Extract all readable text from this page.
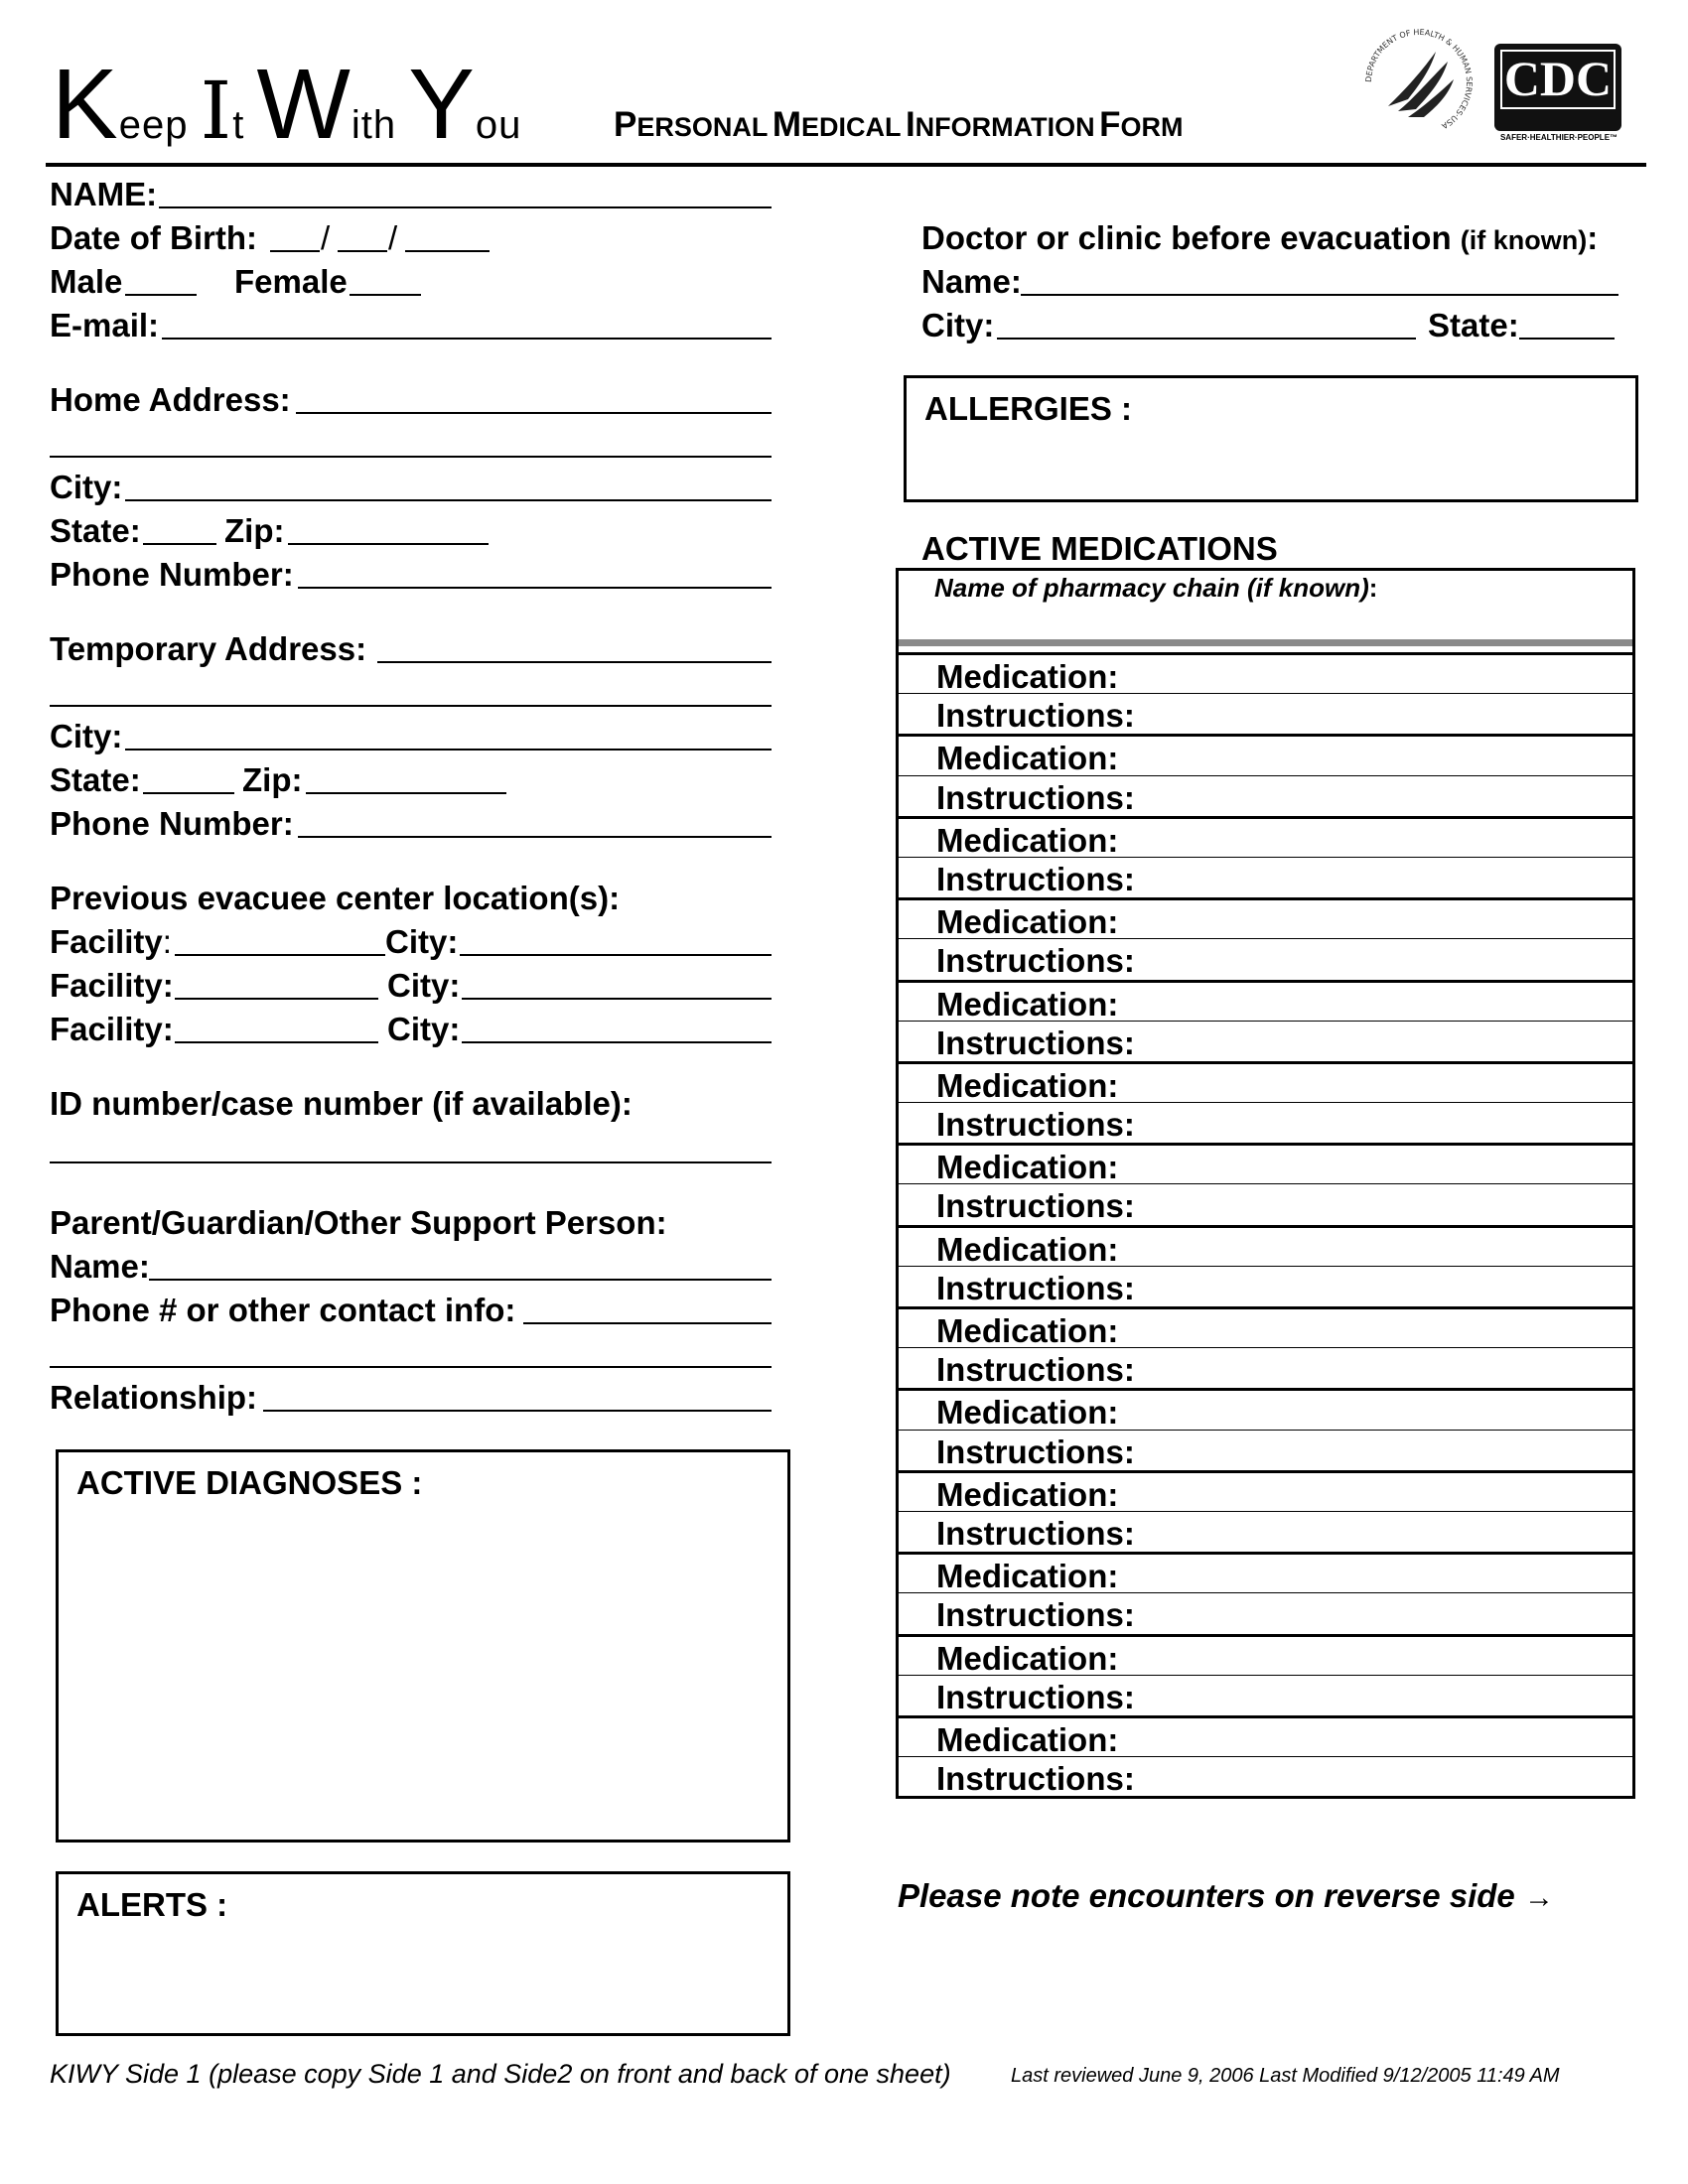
Keep It With You	PERSONAL MEDICAL INFORMATION FORM
DEPARTMENT OF HEALTH & HUMAN SERVICES·USA
CDC
SAFER·HEALTHIER·PEOPLE™
NAME:
Date of Birth: / /
Male	Female
E-mail:
Home Address:
City:
State:	Zip:
Phone Number:
Temporary Address:
City:
State:	Zip:
Phone Number:
Previous evacuee center location(s):
Facility:	City:
Facility:	City:
Facility:	City:
ID number/case number (if available):
Parent/Guardian/Other Support Person:
Name:
Phone # or other contact info:
Relationship:
ACTIVE DIAGNOSES :
ALERTS :
Doctor or clinic before evacuation (if known):
Name:
City:	State:
ALLERGIES :
ACTIVE MEDICATIONS
Name of pharmacy chain (if known):
Medication:
Instructions:
Medication:
Instructions:
Medication:
Instructions:
Medication:
Instructions:
Medication:
Instructions:
Medication:
Instructions:
Medication:
Instructions:
Medication:
Instructions:
Medication:
Instructions:
Medication:
Instructions:
Medication:
Instructions:
Medication:
Instructions:
Medication:
Instructions:
Medication:
Instructions:
Please note encounters on reverse side →
KIWY Side 1 (please copy Side 1 and Side2 on front and back of one sheet)	Last reviewed June 9, 2006 Last Modified 9/12/2005 11:49 AM
